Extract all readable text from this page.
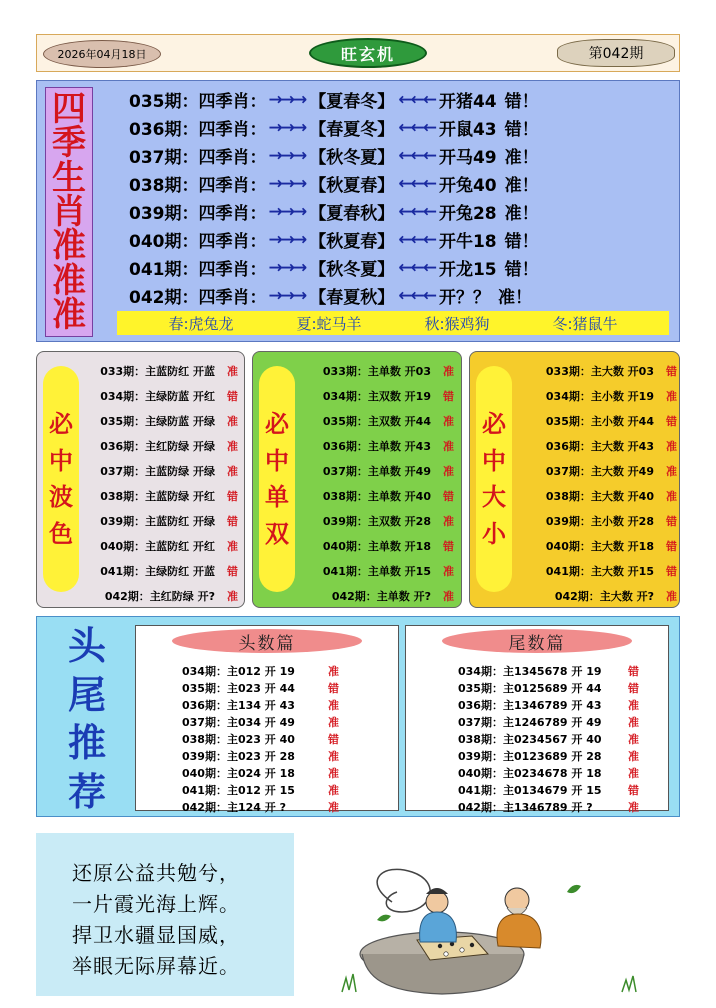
2026年04月18日	旺玄机	第042期
四
季
生
肖
准
准
准
035期： 四季肖： →→→ 【夏春冬】 ←←← 开猪44 错！
036期： 四季肖： →→→ 【春夏冬】 ←←← 开鼠43 错！
037期： 四季肖： →→→ 【秋冬夏】 ←←← 开马49 准！
038期： 四季肖： →→→ 【秋夏春】 ←←← 开兔40 准！
039期： 四季肖： →→→ 【夏春秋】 ←←← 开兔28 准！
040期： 四季肖： →→→ 【秋夏春】 ←←← 开牛18 错！
041期： 四季肖： →→→ 【秋冬夏】 ←←← 开龙15 错！
042期： 四季肖： →→→ 【春夏秋】 ←←← 开？？ 准！
春:虎兔龙	夏:蛇马羊	秋:猴鸡狗	冬:猪鼠牛
必
中
波
色
033期：主蓝防红 开蓝 准
034期：主绿防蓝 开红 错
035期：主绿防蓝 开绿 准
036期：主红防绿 开绿 准
037期：主蓝防绿 开绿 准
038期：主蓝防绿 开红 错
039期：主蓝防红 开绿 错
040期：主蓝防红 开红 准
041期：主绿防红 开蓝 错
042期：主红防绿 开? 准
必
中
单
双
033期：主单数 开03 准
034期：主双数 开19 错
035期：主双数 开44 准
036期：主单数 开43 准
037期：主单数 开49 准
038期：主单数 开40 错
039期：主双数 开28 准
040期：主单数 开18 错
041期：主单数 开15 准
042期：主单数 开? 准
必
中
大
小
033期：主大数 开03 错
034期：主小数 开19 准
035期：主小数 开44 错
036期：主大数 开43 准
037期：主大数 开49 准
038期：主大数 开40 准
039期：主小数 开28 错
040期：主大数 开18 错
041期：主大数 开15 错
042期：主大数 开? 准
头
尾
推
荐
头数篇
034期：主012 开 19	准
035期：主023 开 44	错
036期：主134 开 43	准
037期：主034 开 49	准
038期：主023 开 40	错
039期：主023 开 28	准
040期：主024 开 18	准
041期：主012 开 15	准
042期：主124 开 ?	准
尾数篇
034期：主1345678 开 19	错
035期：主0125689 开 44	错
036期：主1346789 开 43	准
037期：主1246789 开 49	准
038期：主0234567 开 40	准
039期：主0123689 开 28	准
040期：主0234678 开 18	准
041期：主0134679 开 15	错
042期：主1346789 开 ?	准
还原公益共勉兮，
一片霞光海上辉。
捍卫水疆显国威，
举眼无际屏幕近。
